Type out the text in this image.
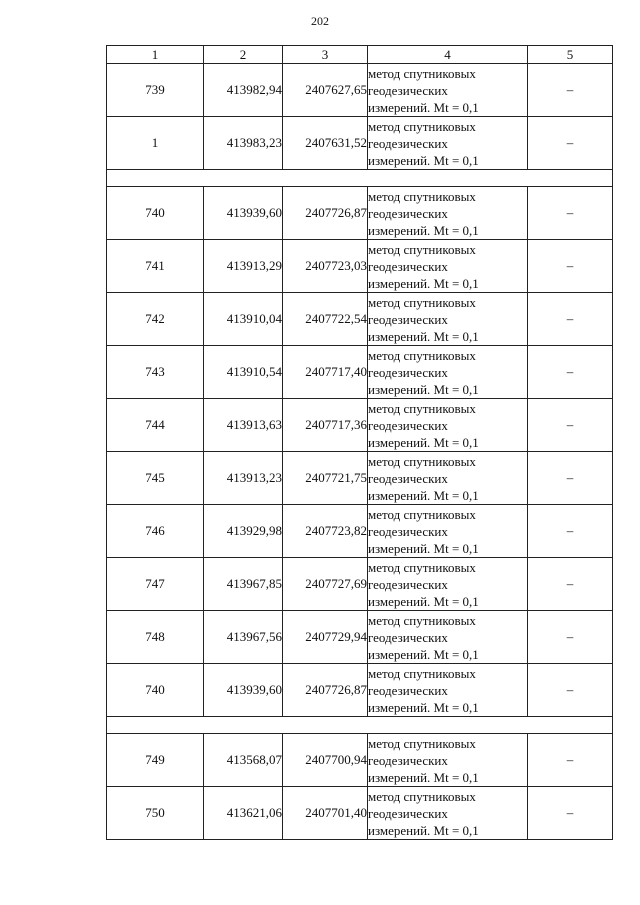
202
1	2	3	4	5
739	413982,94	2407627,65	метод спутниковых
геодезических
измерений. Mt = 0,1	–
1	413983,23	2407631,52	метод спутниковых
геодезических
измерений. Mt = 0,1	–

740	413939,60	2407726,87	метод спутниковых
геодезических
измерений. Mt = 0,1	–
741	413913,29	2407723,03	метод спутниковых
геодезических
измерений. Mt = 0,1	–
742	413910,04	2407722,54	метод спутниковых
геодезических
измерений. Mt = 0,1	–
743	413910,54	2407717,40	метод спутниковых
геодезических
измерений. Mt = 0,1	–
744	413913,63	2407717,36	метод спутниковых
геодезических
измерений. Mt = 0,1	–
745	413913,23	2407721,75	метод спутниковых
геодезических
измерений. Mt = 0,1	–
746	413929,98	2407723,82	метод спутниковых
геодезических
измерений. Mt = 0,1	–
747	413967,85	2407727,69	метод спутниковых
геодезических
измерений. Mt = 0,1	–
748	413967,56	2407729,94	метод спутниковых
геодезических
измерений. Mt = 0,1	–
740	413939,60	2407726,87	метод спутниковых
геодезических
измерений. Mt = 0,1	–

749	413568,07	2407700,94	метод спутниковых
геодезических
измерений. Mt = 0,1	–
750	413621,06	2407701,40	метод спутниковых
геодезических
измерений. Mt = 0,1	–
